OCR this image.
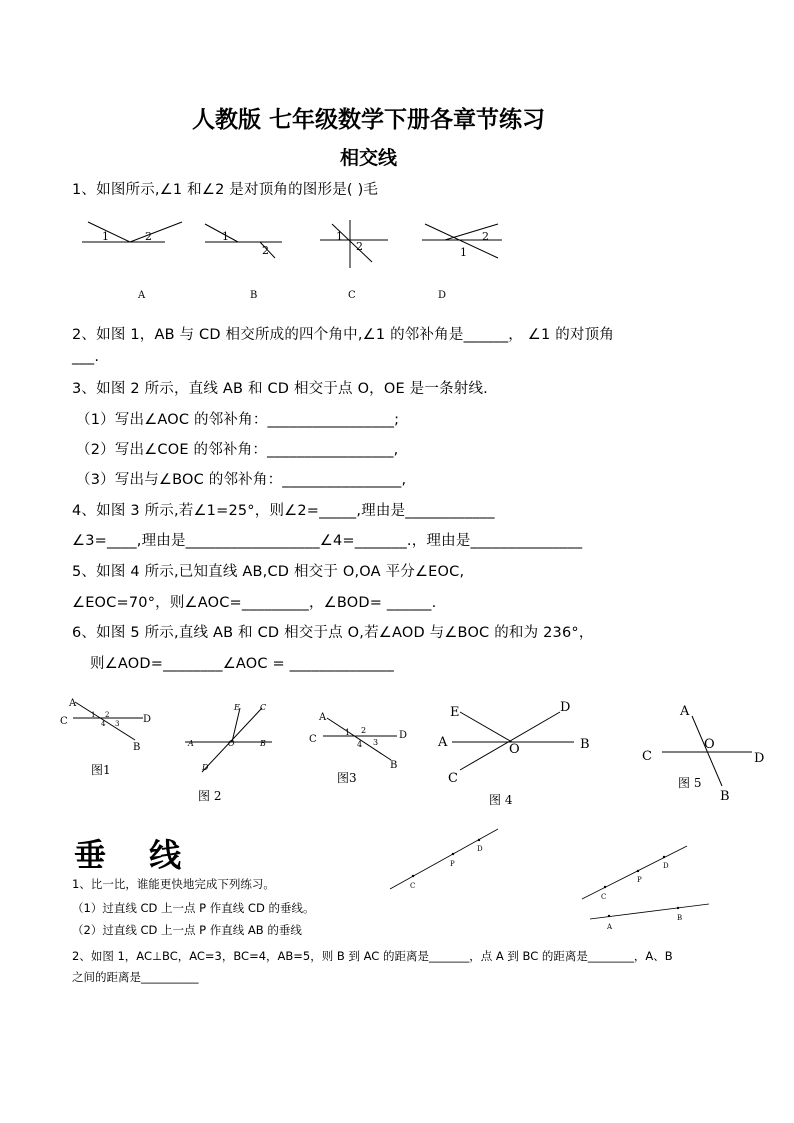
人教版 七年级数学下册各章节练习
相交线
1、如图所示,∠1 和∠2 是对顶角的图形是( )毛
1	2	1
2
1
2	1
2
A	B	C	D
2、如图 1，AB 与 CD 相交所成的四个角中,∠1 的邻补角是______， ∠1 的对顶角
___.
3、如图 2 所示，直线 AB 和 CD 相交于点 O，OE 是一条射线.
（1）写出∠AOC 的邻补角：_________________;
（2）写出∠COE 的邻补角：_________________,
（3）写出与∠BOC 的邻补角：________________,
4、如图 3 所示,若∠1=25°，则∠2=_____,理由是____________
∠3=____,理由是__________________∠4=_______.，理由是_______________
5、如图 4 所示,已知直线 AB,CD 相交于 O,OA 平分∠EOC,
∠EOC=70°，则∠AOC=_________，∠BOD= ______.
6、如图 5 所示,直线 AB 和 CD 相交于点 O,若∠AOD 与∠BOC 的和为 236°，
则∠AOD=________∠AOC = ______________
A
C	D
B
1 2
3
4
图1
E	C
A	O	B
D
图 2
A
C	D
B
1 2
3
4
图3
E	D
A	O	B
C
图 4
A
C
O
D
B
图 5
垂 线
1、比一比，谁能更快地完成下列练习。
（1）过直线 CD 上一点 P 作直线 CD 的垂线。
（2）过直线 CD 上一点 P 作直线 AB 的垂线
2、如图 1，AC⊥BC，AC=3，BC=4，AB=5，则 B 到 AC 的距离是_______，点 A 到 BC 的距离是________，A、B
之间的距离是__________
C
P
D
C
P
D
A
B
